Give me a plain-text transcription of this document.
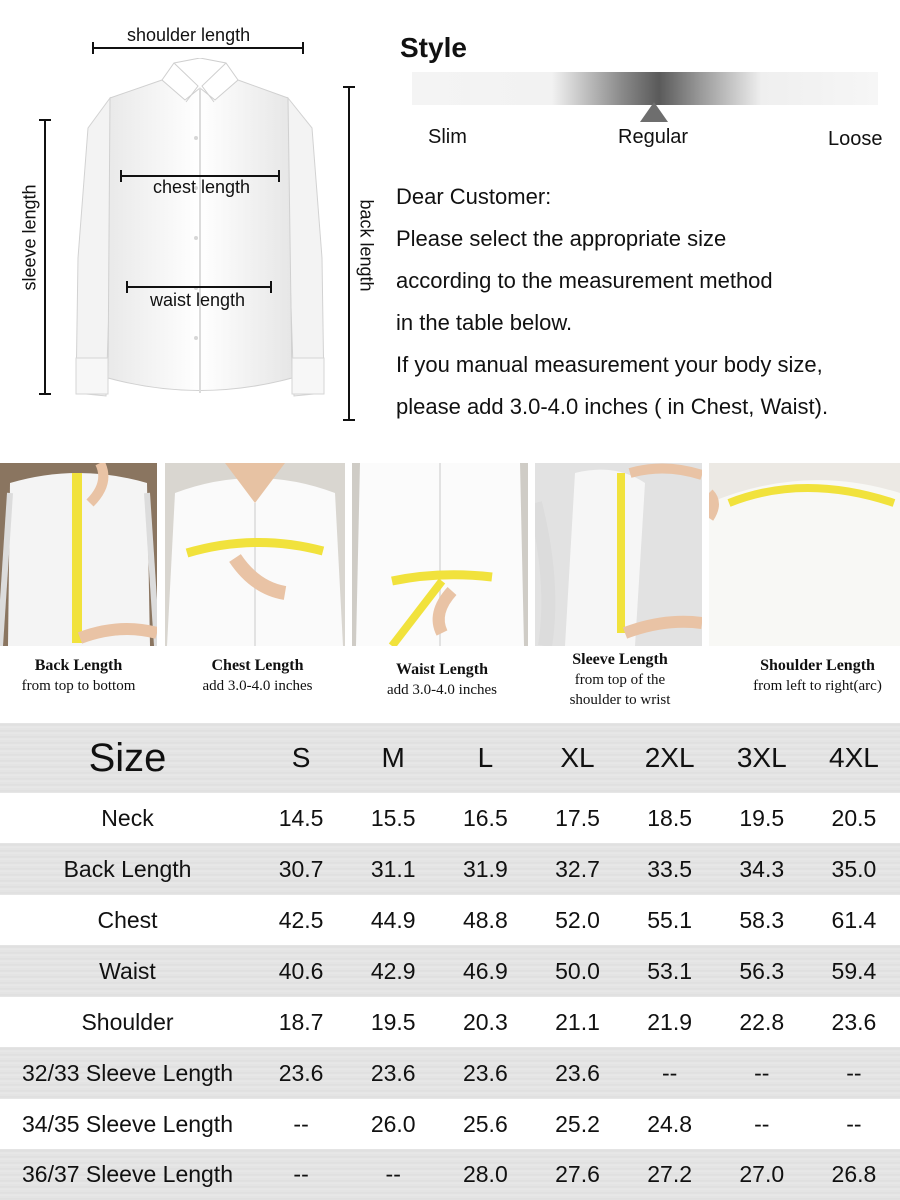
shoulder length
chest length
waist length
sleeve length	back length
Style
Slim	Regular	Loose
Dear Customer:
Please select the appropriate size
according to the measurement method
in the table below.
If you manual measurement your body size,
please add 3.0-4.0 inches ( in Chest, Waist).
Back Length
from top to bottom
Chest Length
add 3.0-4.0 inches
Waist Length
add 3.0-4.0 inches
Sleeve Length
from top of the
shoulder to wrist
Shoulder Length
from left to right(arc)
Size	S	M	L	XL	2XL	3XL	4XL
Neck	14.5	15.5	16.5	17.5	18.5	19.5	20.5
Back Length	30.7	31.1	31.9	32.7	33.5	34.3	35.0
Chest	42.5	44.9	48.8	52.0	55.1	58.3	61.4
Waist	40.6	42.9	46.9	50.0	53.1	56.3	59.4
Shoulder	18.7	19.5	20.3	21.1	21.9	22.8	23.6
32/33 Sleeve Length	23.6	23.6	23.6	23.6	--	--	--
34/35 Sleeve Length	--	26.0	25.6	25.2	24.8	--	--
36/37 Sleeve Length	--	--	28.0	27.6	27.2	27.0	26.8
